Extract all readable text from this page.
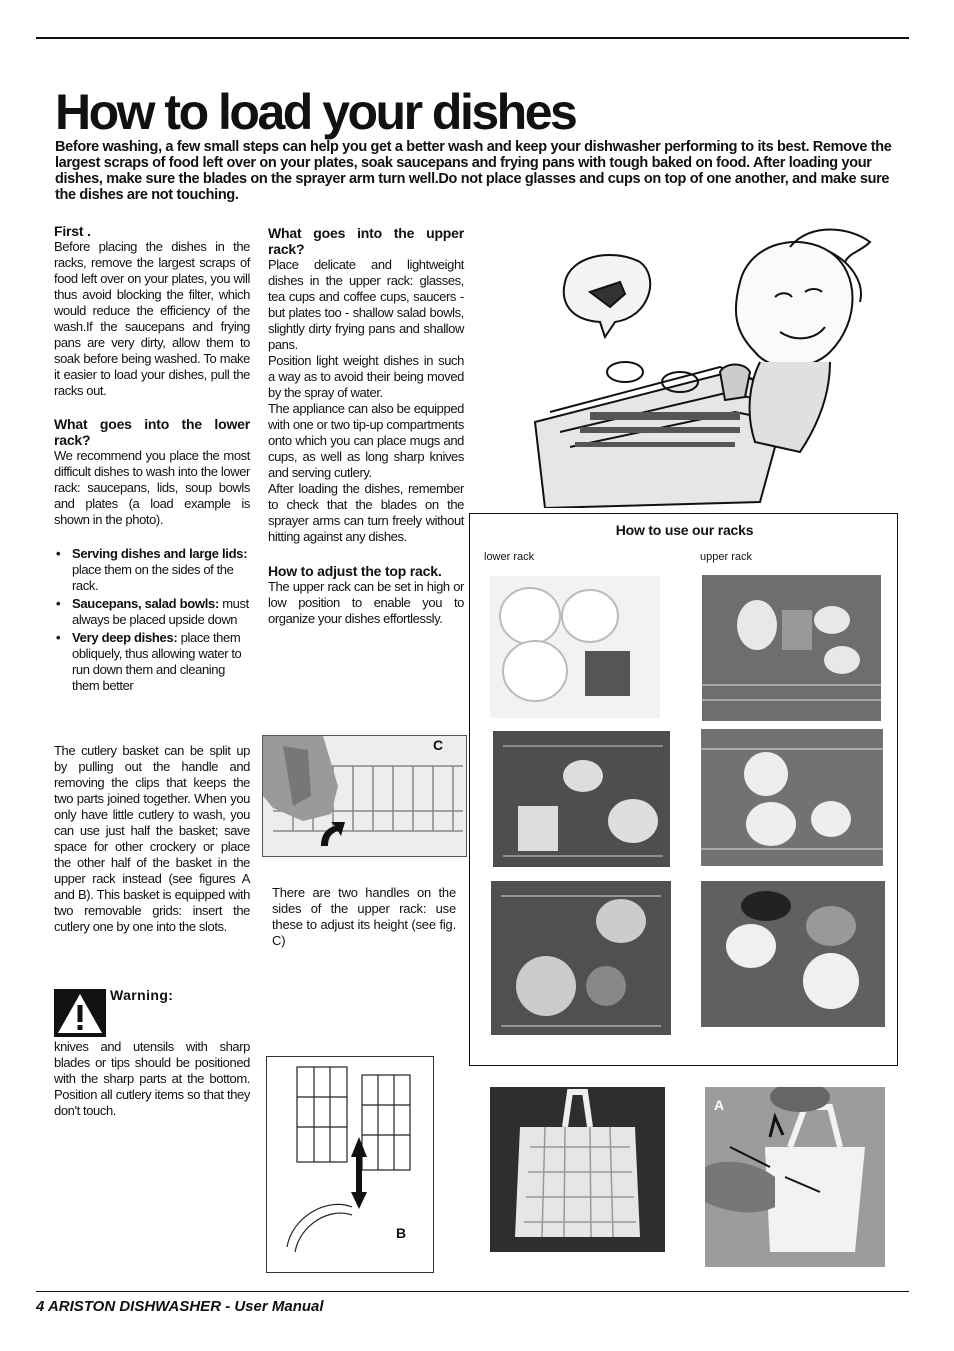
How to load your dishes
Before washing, a few small steps can help you get a better wash and keep your dishwasher performing to its best. Remove the largest scraps of food left over on your plates, soak saucepans and frying pans with tough baked on food. After loading your dishes, make sure the blades on the sprayer arm turn well.Do not place glasses and cups on top of one another, and make sure the dishes are not touching.

First .

Before placing the dishes in the racks, remove the largest scraps of food left over on your plates, you will thus avoid blocking the filter, which would reduce the efficiency of the wash.If the saucepans and frying pans are very dirty, allow them to soak before being washed. To make it easier to load your dishes, pull the racks out.

What goes into the lower rack?

We recommend you place the most difficult dishes to wash into the lower rack: saucepans, lids, soup bowls and plates (a load example is shown in the photo).

• Serving dishes and large lids: place them on the sides of the rack.
• Saucepans, salad bowls: must always be placed upside down
• Very deep dishes: place them obliquely, thus allowing water to run down them and cleaning them better
The cutlery basket can be split up by pulling out the handle and removing the clips that keeps the two parts joined together. When you only have little cutlery to wash, you can use just half the basket; save space for other crockery or place the other half of the basket in the upper rack instead (see figures A and B). This basket is equipped with two removable grids: insert the cutlery one by one into the slots.
Warning:
knives and utensils with sharp blades or tips should be positioned with the sharp parts at the bottom. Position all cutlery items so that they don't touch.

What goes into the upper rack?

Place delicate and lightweight dishes in the upper rack: glasses, tea cups and coffee cups, saucers - but plates too - shallow salad bowls, slightly dirty frying pans and shallow pans.

Position light weight dishes in such a way as to avoid their being moved by the spray of water.

The appliance can also be equipped with one or two tip-up compartments onto which you can place mugs and cups, as well as long sharp knives and serving cutlery.

After loading the dishes, remember to check that the blades on the sprayer arms can turn freely without hitting against any dishes.

How to adjust the top rack.

The upper rack can be set in high or low position to enable you to organize your dishes effortlessly.

C
There are two handles on the sides of the upper rack: use these to adjust its height (see fig. C)
B
How to use our racks
lower rack	upper rack
A
4 ARISTON DISHWASHER - User Manual
